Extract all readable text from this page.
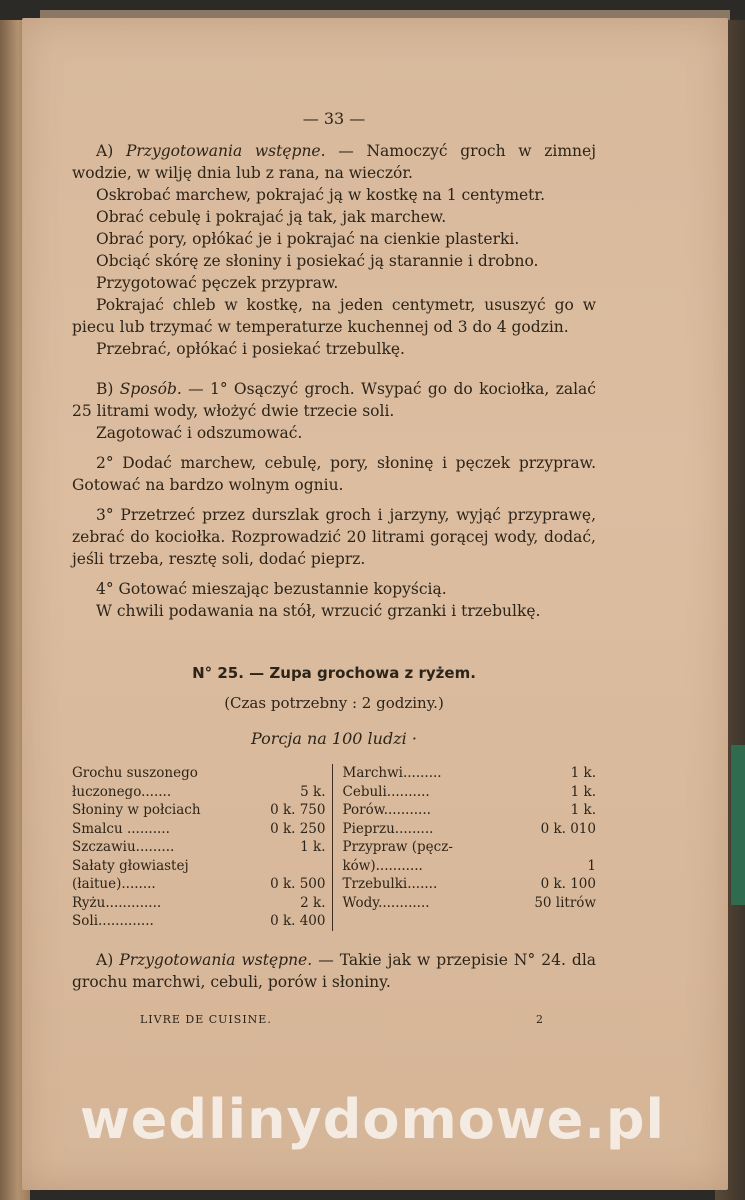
— 33 —

A) Przygotowania wstępne. — Namoczyć groch w zimnej wodzie, w wilję dnia lub z rana, na wieczór.

Oskrobać marchew, pokrajać ją w kostkę na 1 centymetr.

Obrać cebulę i pokrajać ją tak, jak marchew.

Obrać pory, opłókać je i pokrajać na cienkie plasterki.

Obciąć skórę ze słoniny i posiekać ją starannie i drobno.

Przygotować pęczek przypraw.

Pokrajać chleb w kostkę, na jeden centymetr, ususzyć go w piecu lub trzymać w temperaturze kuchennej od 3 do 4 godzin.

Przebrać, opłókać i posiekać trzebulkę.

B) Sposób. — 1° Osączyć groch. Wsypać go do kociołka, zalać 25 litrami wody, włożyć dwie trzecie soli.

Zagotować i odszumować.

2° Dodać marchew, cebulę, pory, słoninę i pęczek przypraw. Gotować na bardzo wolnym ogniu.

3° Przetrzeć przez durszlak groch i jarzyny, wyjąć przyprawę, zebrać do kociołka. Rozprowadzić 20 litrami gorącej wody, dodać, jeśli trzeba, resztę soli, dodać pieprz.

4° Gotować mieszając bezustannie kopyścią.

W chwili podawania na stół, wrzucić grzanki i trzebulkę.

N° 25. — Zupa grochowa z ryżem.
(Czas potrzebny : 2 godziny.)
Porcja na 100 ludzi ·
Grochu suszonego
łuczonego.......	5 k.
Słoniny w połciach	0 k. 750
Smalcu ..........	0 k. 250
Szczawiu.........	1 k.
Sałaty głowiastej
(łaitue)........	0 k. 500
Ryżu.............	2 k.
Soli.............	0 k. 400
Marchwi.........	1 k.
Cebuli..........	1 k.
Porów...........	1 k.
Pieprzu.........	0 k. 010
Przypraw (pęcz-
ków)...........	1
Trzebulki.......	0 k. 100
Wody............	50 litrów

A) Przygotowania wstępne. — Takie jak w przepisie N° 24. dla grochu marchwi, cebuli, porów i słoniny.

LIVRE DE CUISINE.	2
wedlinydomowe.pl
